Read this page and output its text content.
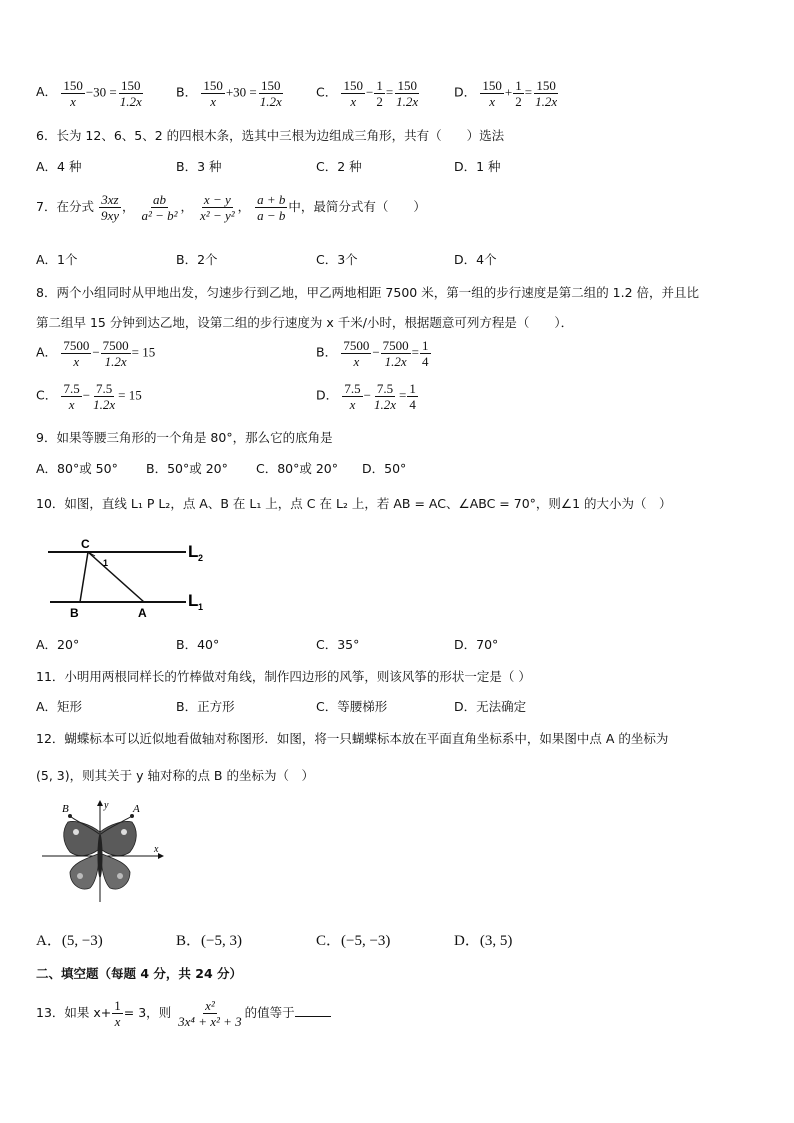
A． $\frac{150}{x} -30 = \frac{150}{1.2x}$	B． $\frac{150}{x} +30 = \frac{150}{1.2x}$	C． $\frac{150}{x} - \frac{1}{2} = \frac{150}{1.2x}$	D． $\frac{150}{x} + \frac{1}{2} = \frac{150}{1.2x}$
6．长为 12、6、5、2 的四根木条，选其中三根为边组成三角形，共有（　　）选法
A．4 种	B．3 种	C．2 种	D．1 种
7．在分式 $\frac{3xz}{9xy}$ ， $\frac{ab}{\text{a² − b²}}$ ， $\frac{x - y}{\text{x² − y²}}$ ， $\frac{a + b}{a - b}$ 中，最简分式有（　　）
A．1个	B．2个	C．3个	D．4个
8．两个小组同时从甲地出发，匀速步行到乙地，甲乙两地相距 7500 米，第一组的步行速度是第二组的 1.2 倍，并且比
第二组早 15 分钟到达乙地，设第二组的步行速度为 x 千米/小时，根据题意可列方程是（　　）．
A． $\frac{7500}{x} - \frac{7500}{1.2x} = 15$	B． $\frac{7500}{x} - \frac{7500}{1.2x} = \frac{1}{4}$
C． $\frac{7.5}{x} - \frac{7.5}{1.2x} = 15$	D． $\frac{7.5}{x} - \frac{7.5}{1.2x} = \frac{1}{4}$
9．如果等腰三角形的一个角是 80°，那么它的底角是
A．80°或 50° B．50°或 20° C．80°或 20° D．50°
10．如图，直线 L₁ P L₂，点 A、B 在 L₁ 上，点 C 在 L₂ 上，若 AB = AC、∠ABC = 70°，则∠1 的大小为（　）
C
1
B	A
L 2
L 1
A．20°	B．40°	C．35°	D．70°
11．小明用两根同样长的竹棒做对角线，制作四边形的风筝，则该风筝的形状一定是（ ）
A．矩形	B．正方形	C．等腰梯形	D．无法确定
12．蝴蝶标本可以近似地看做轴对称图形．如图，将一只蝴蝶标本放在平面直角坐标系中，如果图中点 A 的坐标为
(5, 3)，则其关于 y 轴对称的点 B 的坐标为（　）
B	A
y
x
A．(5, −3)	B．(−5, 3)	C．(−5, −3)	D．(3, 5)
二、填空题（每题 4 分，共 24 分）
13．如果 $x+ \frac{1}{x} = 3$，则 $\frac{\text{x²}}{\text{3x⁴ + x² + 3}}$ 的值等于
